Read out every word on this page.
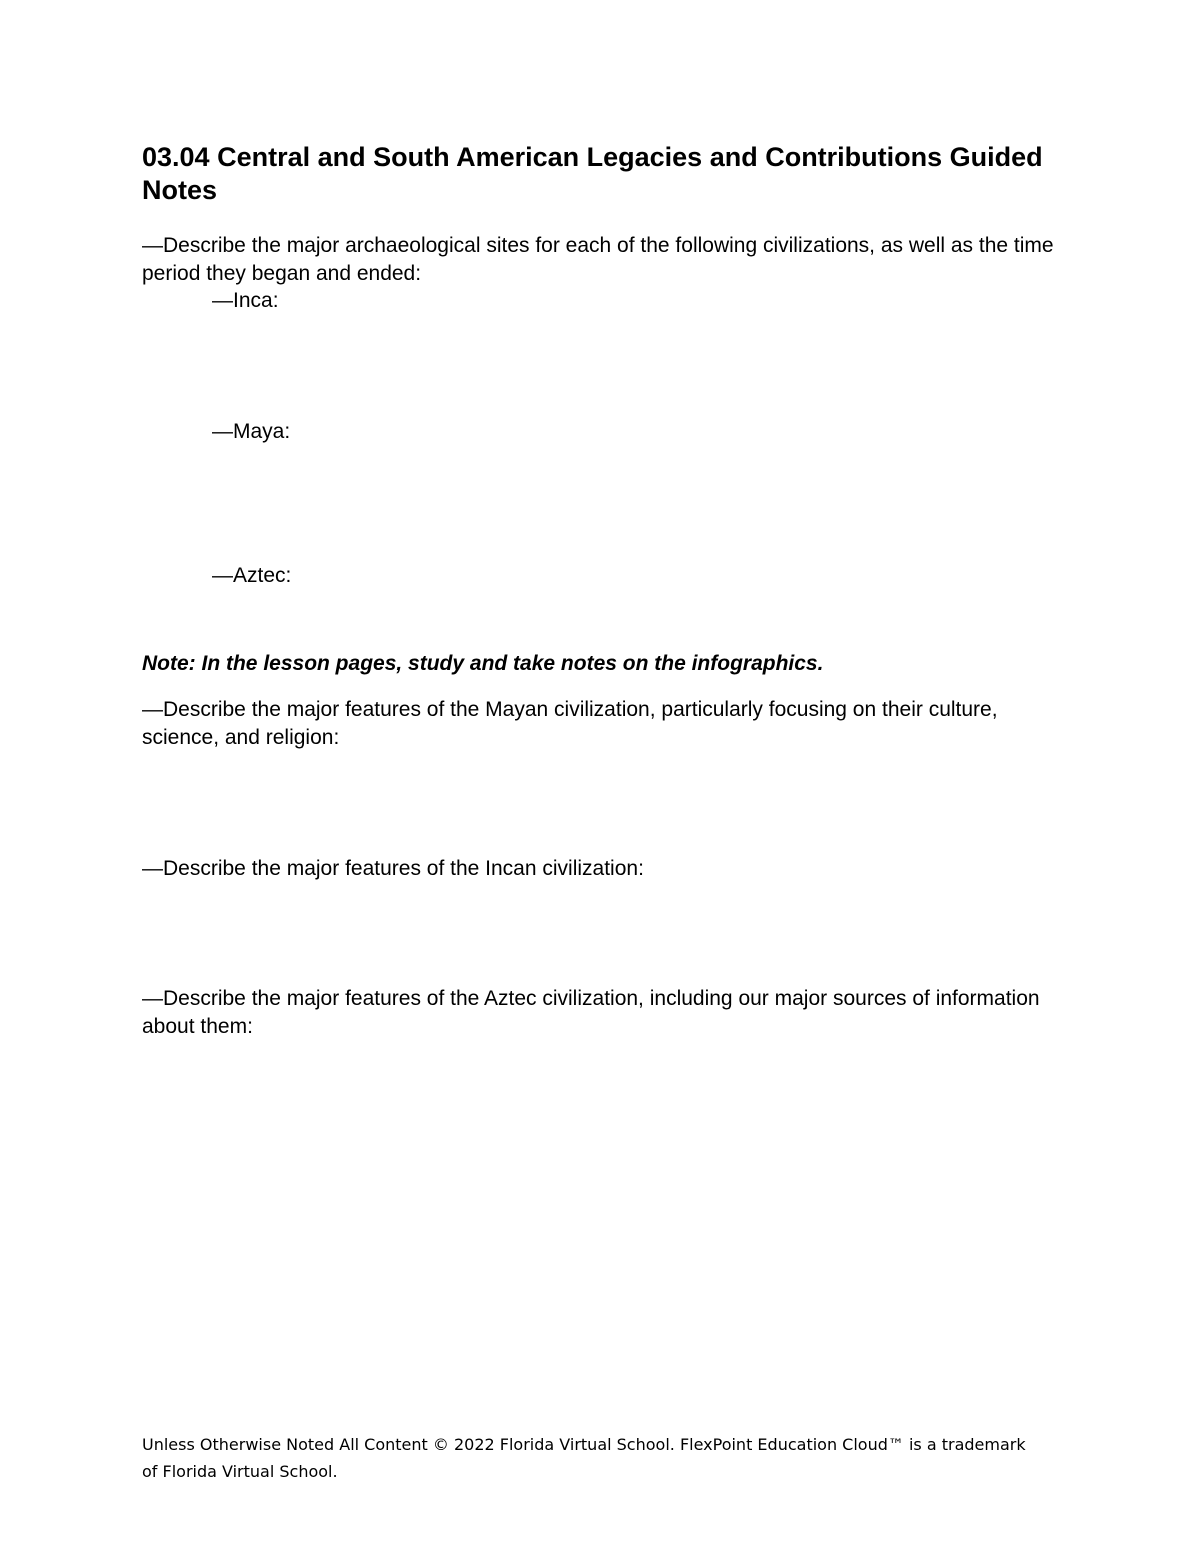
03.04 Central and South American Legacies and Contributions Guided Notes
—Describe the major archaeological sites for each of the following civilizations, as well as the time period they began and ended:
—Inca:
—Maya:
—Aztec:
Note: In the lesson pages, study and take notes on the infographics.
—Describe the major features of the Mayan civilization, particularly focusing on their culture, science, and religion:
—Describe the major features of the Incan civilization:
—Describe the major features of the Aztec civilization, including our major sources of information about them:
Unless Otherwise Noted All Content © 2022 Florida Virtual School. FlexPoint Education Cloud™ is a trademark of Florida Virtual School.
